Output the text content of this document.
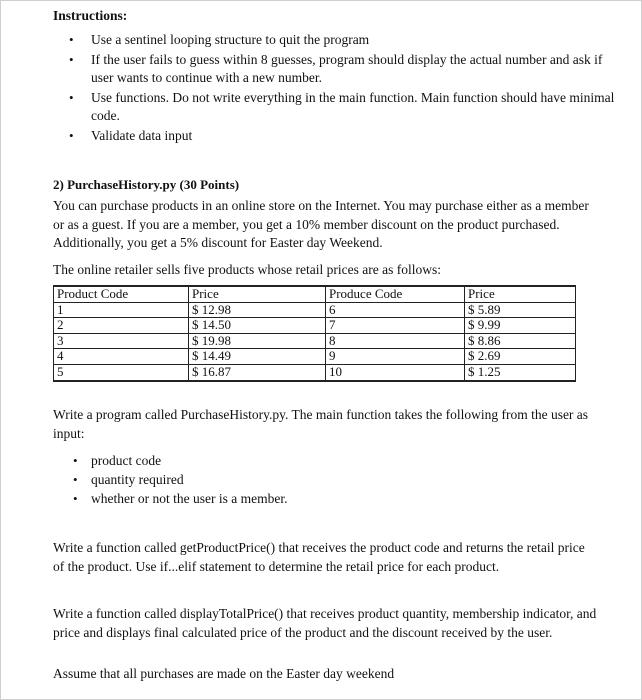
Instructions:
• Use a sentinel looping structure to quit the program
• If the user fails to guess within 8 guesses, program should display the actual number and ask if user wants to continue with a new number.
• Use functions. Do not write everything in the main function. Main function should have minimal code.
• Validate data input
2) PurchaseHistory.py (30 Points)

You can purchase products in an online store on the Internet. You may purchase either as a member or as a guest. If you are a member, you get a 10% member discount on the product purchased. Additionally, you get a 5% discount for Easter day Weekend.

The online retailer sells five products whose retail prices are as follows:

Product Code	Price	Produce Code	Price
1	$ 12.98	6	$ 5.89
2	$ 14.50	7	$ 9.99
3	$ 19.98	8	$ 8.86
4	$ 14.49	9	$ 2.69
5	$ 16.87	10	$ 1.25

Write a program called PurchaseHistory.py. The main function takes the following from the user as input:

• product code
• quantity required
• whether or not the user is a member.

Write a function called getProductPrice() that receives the product code and returns the retail price of the product. Use if...elif statement to determine the retail price for each product.

Write a function called displayTotalPrice() that receives product quantity, membership indicator, and price and displays final calculated price of the product and the discount received by the user.

Assume that all purchases are made on the Easter day weekend
